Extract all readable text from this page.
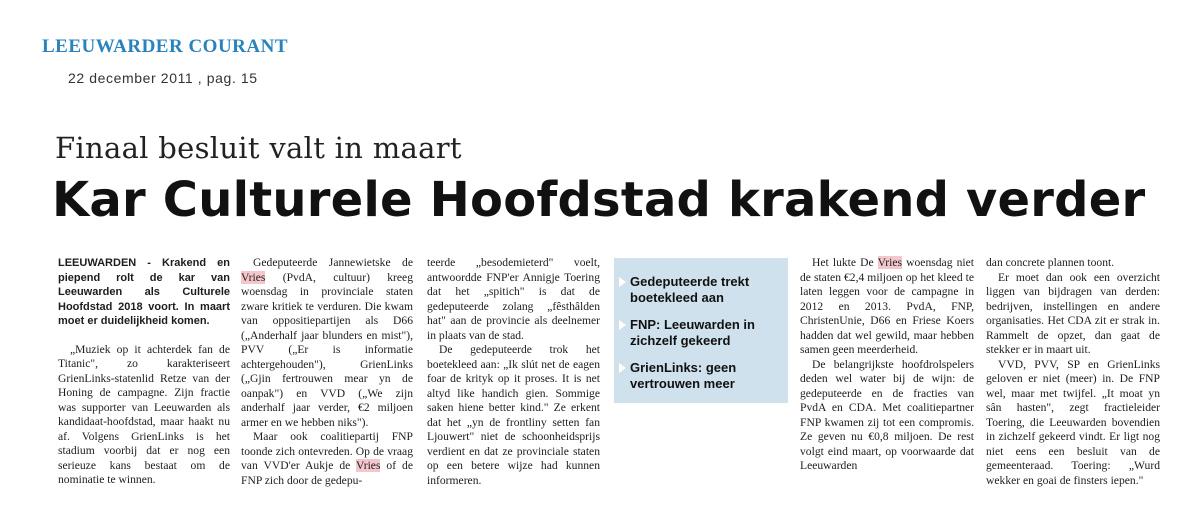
LEEUWARDER COURANT
22 december 2011 , pag. 15
Finaal besluit valt in maart
Kar Culturele Hoofdstad krakend verder

LEEUWARDEN - Krakend en piepend rolt de kar van Leeuwarden als Culturele Hoofdstad 2018 voort. In maart moet er duidelijkheid komen.

„Muziek op it achterdek fan de Titanic", zo karakteriseert GrienLinks-statenlid Retze van der Honing de campagne. Zijn fractie was supporter van Leeuwarden als kandidaat-hoofdstad, maar haakt nu af. Volgens GrienLinks is het stadium voorbij dat er nog een serieuze kans bestaat om de nominatie te winnen.

Gedeputeerde Jannewietske de Vries (PvdA, cultuur) kreeg woensdag in provinciale staten zware kritiek te verduren. Die kwam van oppositiepartijen als D66 („Anderhalf jaar blunders en mist"), PVV („Er is informatie achtergehouden"), GrienLinks („Gjin fertrouwen mear yn de oanpak") en VVD („We zijn anderhalf jaar verder, €2 miljoen armer en we hebben niks").

Maar ook coalitiepartij FNP toonde zich ontevreden. Op de vraag van VVD'er Aukje de Vries of de FNP zich door de gedepu-

teerde „besodemieterd" voelt, antwoordde FNP'er Annigje Toering dat het „spitich" is dat de gedeputeerde zolang „fêsthâlden hat" aan de provincie als deelnemer in plaats van de stad.

De gedeputeerde trok het boetekleed aan: „Ik slút net de eagen foar de krityk op it proses. It is net altyd like handich gien. Sommige saken hiene better kind." Ze erkent dat het „yn de frontliny setten fan Ljouwert" niet de schoonheidsprijs verdient en dat ze provinciale staten op een betere wijze had kunnen informeren.

Gedeputeerde trekt boetekleed aan
FNP: Leeuwarden in zichzelf gekeerd
GrienLinks: geen vertrouwen meer

Het lukte De Vries woensdag niet de staten €2,4 miljoen op het kleed te laten leggen voor de campagne in 2012 en 2013. PvdA, FNP, ChristenUnie, D66 en Friese Koers hadden dat wel gewild, maar hebben samen geen meerderheid.

De belangrijkste hoofdrolspelers deden wel water bij de wijn: de gedeputeerde en de fracties van PvdA en CDA. Met coalitiepartner FNP kwamen zij tot een compromis. Ze geven nu €0,8 miljoen. De rest volgt eind maart, op voorwaarde dat Leeuwarden

dan concrete plannen toont.

Er moet dan ook een overzicht liggen van bijdragen van derden: bedrijven, instellingen en andere organisaties. Het CDA zit er strak in. Rammelt de opzet, dan gaat de stekker er in maart uit.

VVD, PVV, SP en GrienLinks geloven er niet (meer) in. De FNP wel, maar met twijfel. „It moat yn sân hasten", zegt fractieleider Toering, die Leeuwarden bovendien in zichzelf gekeerd vindt. Er ligt nog niet eens een besluit van de gemeenteraad. Toering: „Wurd wekker en goai de finsters iepen."
